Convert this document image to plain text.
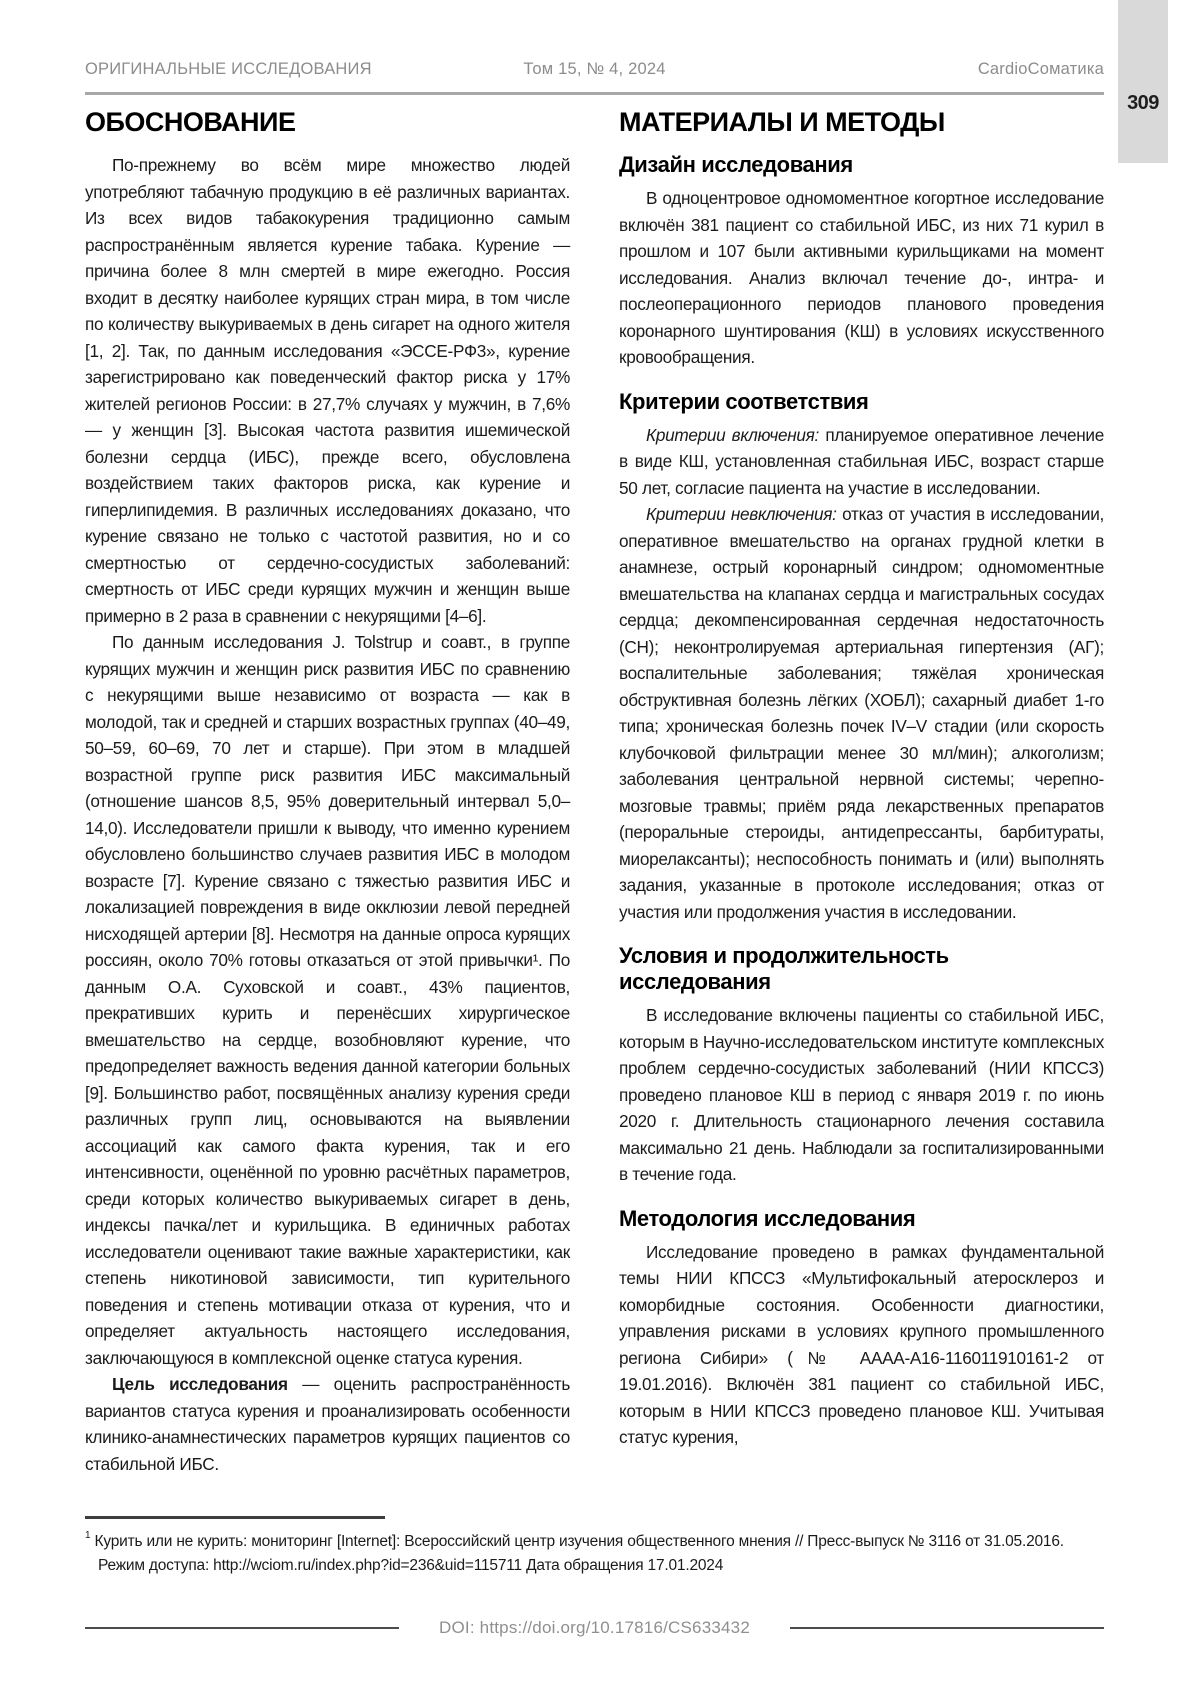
309
ОРИГИНАЛЬНЫЕ ИССЛЕДОВАНИЯ	Том 15, № 4, 2024	CardioСоматика
ОБОСНОВАНИЕ

По-прежнему во всём мире множество людей употребляют табачную продукцию в её различных вариантах. Из всех видов табакокурения традиционно самым распространённым является курение табака. Курение — причина более 8 млн смертей в мире ежегодно. Россия входит в десятку наиболее курящих стран мира, в том числе по количеству выкуриваемых в день сигарет на одного жителя [1, 2]. Так, по данным исследования «ЭССЕ-РФ3», курение зарегистрировано как поведенческий фактор риска у 17% жителей регионов России: в 27,7% случаях у мужчин, в 7,6% — у женщин [3]. Высокая частота развития ишемической болезни сердца (ИБС), прежде всего, обусловлена воздействием таких факторов риска, как курение и гиперлипидемия. В различных исследованиях доказано, что курение связано не только с частотой развития, но и со смертностью от сердечно-сосудистых заболеваний: смертность от ИБС среди курящих мужчин и женщин выше примерно в 2 раза в сравнении с некурящими [4–6].

По данным исследования J. Tolstrup и соавт., в группе курящих мужчин и женщин риск развития ИБС по сравнению с некурящими выше независимо от возраста — как в молодой, так и средней и старших возрастных группах (40–49, 50–59, 60–69, 70 лет и старше). При этом в младшей возрастной группе риск развития ИБС максимальный (отношение шансов 8,5, 95% доверительный интервал 5,0–14,0). Исследователи пришли к выводу, что именно курением обусловлено большинство случаев развития ИБС в молодом возрасте [7]. Курение связано с тяжестью развития ИБС и локализацией повреждения в виде окклюзии левой передней нисходящей артерии [8]. Несмотря на данные опроса курящих россиян, около 70% готовы отказаться от этой привычки¹. По данным О.А. Суховской и соавт., 43% пациентов, прекративших курить и перенёсших хирургическое вмешательство на сердце, возобновляют курение, что предопределяет важность ведения данной категории больных [9]. Большинство работ, посвящённых анализу курения среди различных групп лиц, основываются на выявлении ассоциаций как самого факта курения, так и его интенсивности, оценённой по уровню расчётных параметров, среди которых количество выкуриваемых сигарет в день, индексы пачка/лет и курильщика. В единичных работах исследователи оценивают такие важные характеристики, как степень никотиновой зависимости, тип курительного поведения и степень мотивации отказа от курения, что и определяет актуальность настоящего исследования, заключающуюся в комплексной оценке статуса курения.

Цель исследования — оценить распространённость вариантов статуса курения и проанализировать особенности клинико-анамнестических параметров курящих пациентов со стабильной ИБС.

МАТЕРИАЛЫ И МЕТОДЫ
Дизайн исследования

В одноцентровое одномоментное когортное исследование включён 381 пациент со стабильной ИБС, из них 71 курил в прошлом и 107 были активными курильщиками на момент исследования. Анализ включал течение до-, интра- и послеоперационного периодов планового проведения коронарного шунтирования (КШ) в условиях искусственного кровообращения.

Критерии соответствия

Критерии включения: планируемое оперативное лечение в виде КШ, установленная стабильная ИБС, возраст старше 50 лет, согласие пациента на участие в исследовании.

Критерии невключения: отказ от участия в исследовании, оперативное вмешательство на органах грудной клетки в анамнезе, острый коронарный синдром; одномоментные вмешательства на клапанах сердца и магистральных сосудах сердца; декомпенсированная сердечная недостаточность (СН); неконтролируемая артериальная гипертензия (АГ); воспалительные заболевания; тяжёлая хроническая обструктивная болезнь лёгких (ХОБЛ); сахарный диабет 1-го типа; хроническая болезнь почек IV–V стадии (или скорость клубочковой фильтрации менее 30 мл/мин); алкоголизм; заболевания центральной нервной системы; черепно-мозговые травмы; приём ряда лекарственных препаратов (пероральные стероиды, антидепрессанты, барбитураты, миорелаксанты); неспособность понимать и (или) выполнять задания, указанные в протоколе исследования; отказ от участия или продолжения участия в исследовании.

Условия и продолжительность исследования

В исследование включены пациенты со стабильной ИБС, которым в Научно-исследовательском институте комплексных проблем сердечно-сосудистых заболеваний (НИИ КПССЗ) проведено плановое КШ в период с января 2019 г. по июнь 2020 г. Длительность стационарного лечения составила максимально 21 день. Наблюдали за госпитализированными в течение года.

Методология исследования

Исследование проведено в рамках фундаментальной темы НИИ КПССЗ «Мультифокальный атеросклероз и коморбидные состояния. Особенности диагностики, управления рисками в условиях крупного промышленного региона Сибири» (№ АААА-А16-116011910161-2 от 19.01.2016). Включён 381 пациент со стабильной ИБС, которым в НИИ КПССЗ проведено плановое КШ. Учитывая статус курения,

$^1$ Курить или не курить: мониторинг [Internet]: Всероссийский центр изучения общественного мнения // Пресс-выпуск № 3116 от 31.05.2016.
Режим доступа: http://wciom.ru/index.php?id=236&uid=115711 Дата обращения 17.01.2024
DOI: https://doi.org/10.17816/CS633432
